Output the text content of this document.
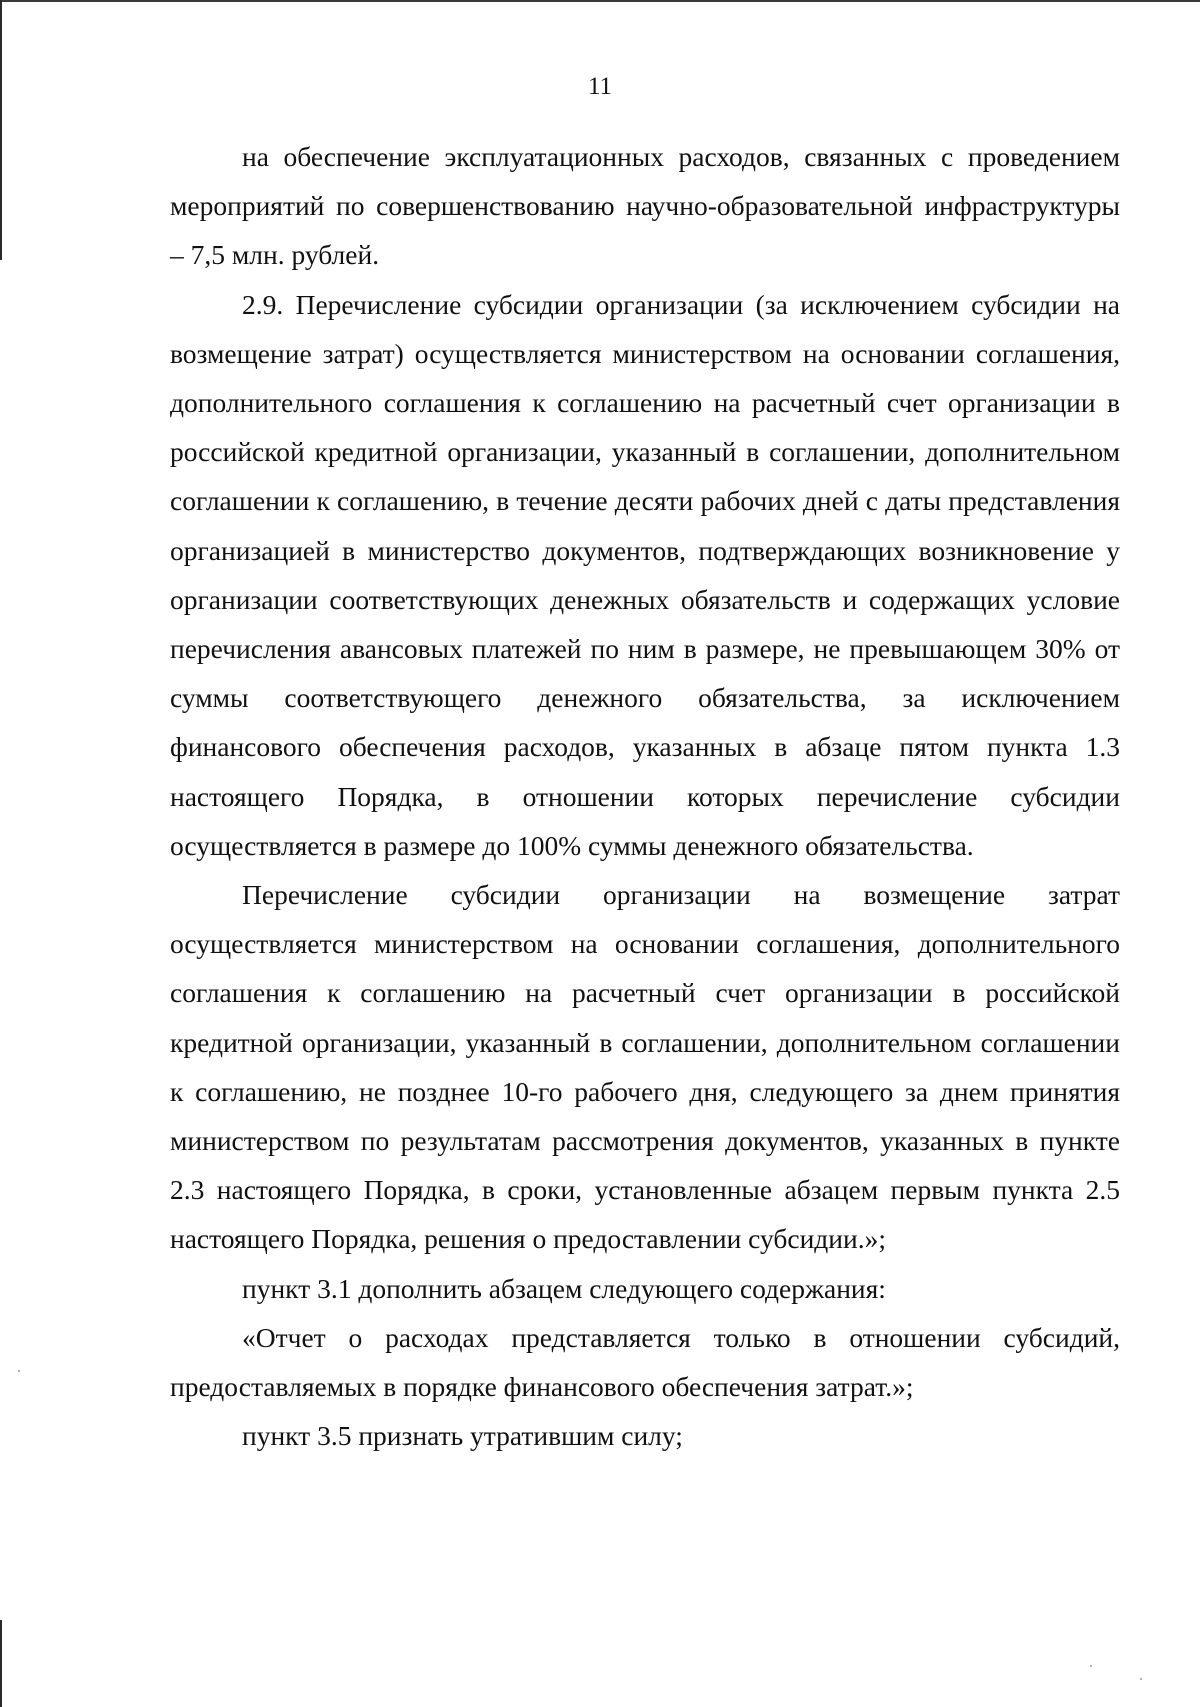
11

на обеспечение эксплуатационных расходов, связанных с проведением мероприятий по совершенствованию научно-образовательной инфраструктуры – 7,5 млн. рублей.

2.9. Перечисление субсидии организации (за исключением субсидии на возмещение затрат) осуществляется министерством на основании соглашения, дополнительного соглашения к соглашению на расчетный счет организации в российской кредитной организации, указанный в соглашении, дополнительном соглашении к соглашению, в течение десяти рабочих дней с даты представления организацией в министерство документов, подтверждающих возникновение у организации соответствующих денежных обязательств и содержащих условие перечисления авансовых платежей по ним в размере, не превышающем 30% от суммы соответствующего денежного обязательства, за исключением финансового обеспечения расходов, указанных в абзаце пятом пункта 1.3 настоящего Порядка, в отношении которых перечисление субсидии осуществляется в размере до 100% суммы денежного обязательства.

Перечисление субсидии организации на возмещение затрат осуществляется министерством на основании соглашения, дополнительного соглашения к соглашению на расчетный счет организации в российской кредитной организации, указанный в соглашении, дополнительном соглашении к соглашению, не позднее 10-го рабочего дня, следующего за днем принятия министерством по результатам рассмотрения документов, указанных в пункте 2.3 настоящего Порядка, в сроки, установленные абзацем первым пункта 2.5 настоящего Порядка, решения о предоставлении субсидии.»;

пункт 3.1 дополнить абзацем следующего содержания:

«Отчет о расходах представляется только в отношении субсидий, предоставляемых в порядке финансового обеспечения затрат.»;

пункт 3.5 признать утратившим силу;
